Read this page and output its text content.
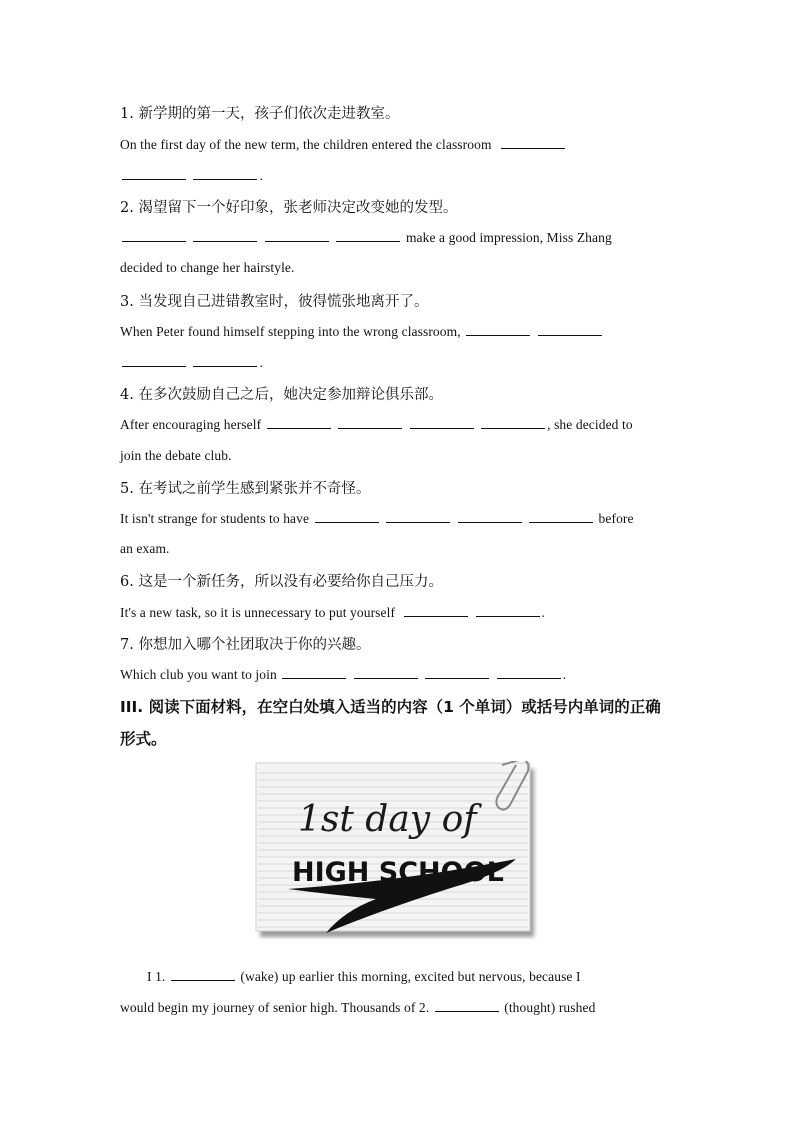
1. 新学期的第一天，孩子们依次走进教室。
On the first day of the new term, the children entered the classroom
.
2. 渴望留下一个好印象，张老师决定改变她的发型。
make a good impression, Miss Zhang
decided to change her hairstyle.
3. 当发现自己进错教室时，彼得慌张地离开了。
When Peter found himself stepping into the wrong classroom,
.
4. 在多次鼓励自己之后，她决定参加辩论俱乐部。
After encouraging herself	, she decided to
join the debate club.
5. 在考试之前学生感到紧张并不奇怪。
It isn't strange for students to have	before
an exam.
6. 这是一个新任务，所以没有必要给你自己压力。
It's a new task, so it is unnecessary to put yourself	.
7. 你想加入哪个社团取决于你的兴趣。
Which club you want to join	.
III. 阅读下面材料，在空白处填入适当的内容（1 个单词）或括号内单词的正确
形式。
1st day of
HIGH SCHOOL
I 1.	(wake) up earlier this morning, excited but nervous, because I
would begin my journey of senior high. Thousands of 2.	(thought) rushed
